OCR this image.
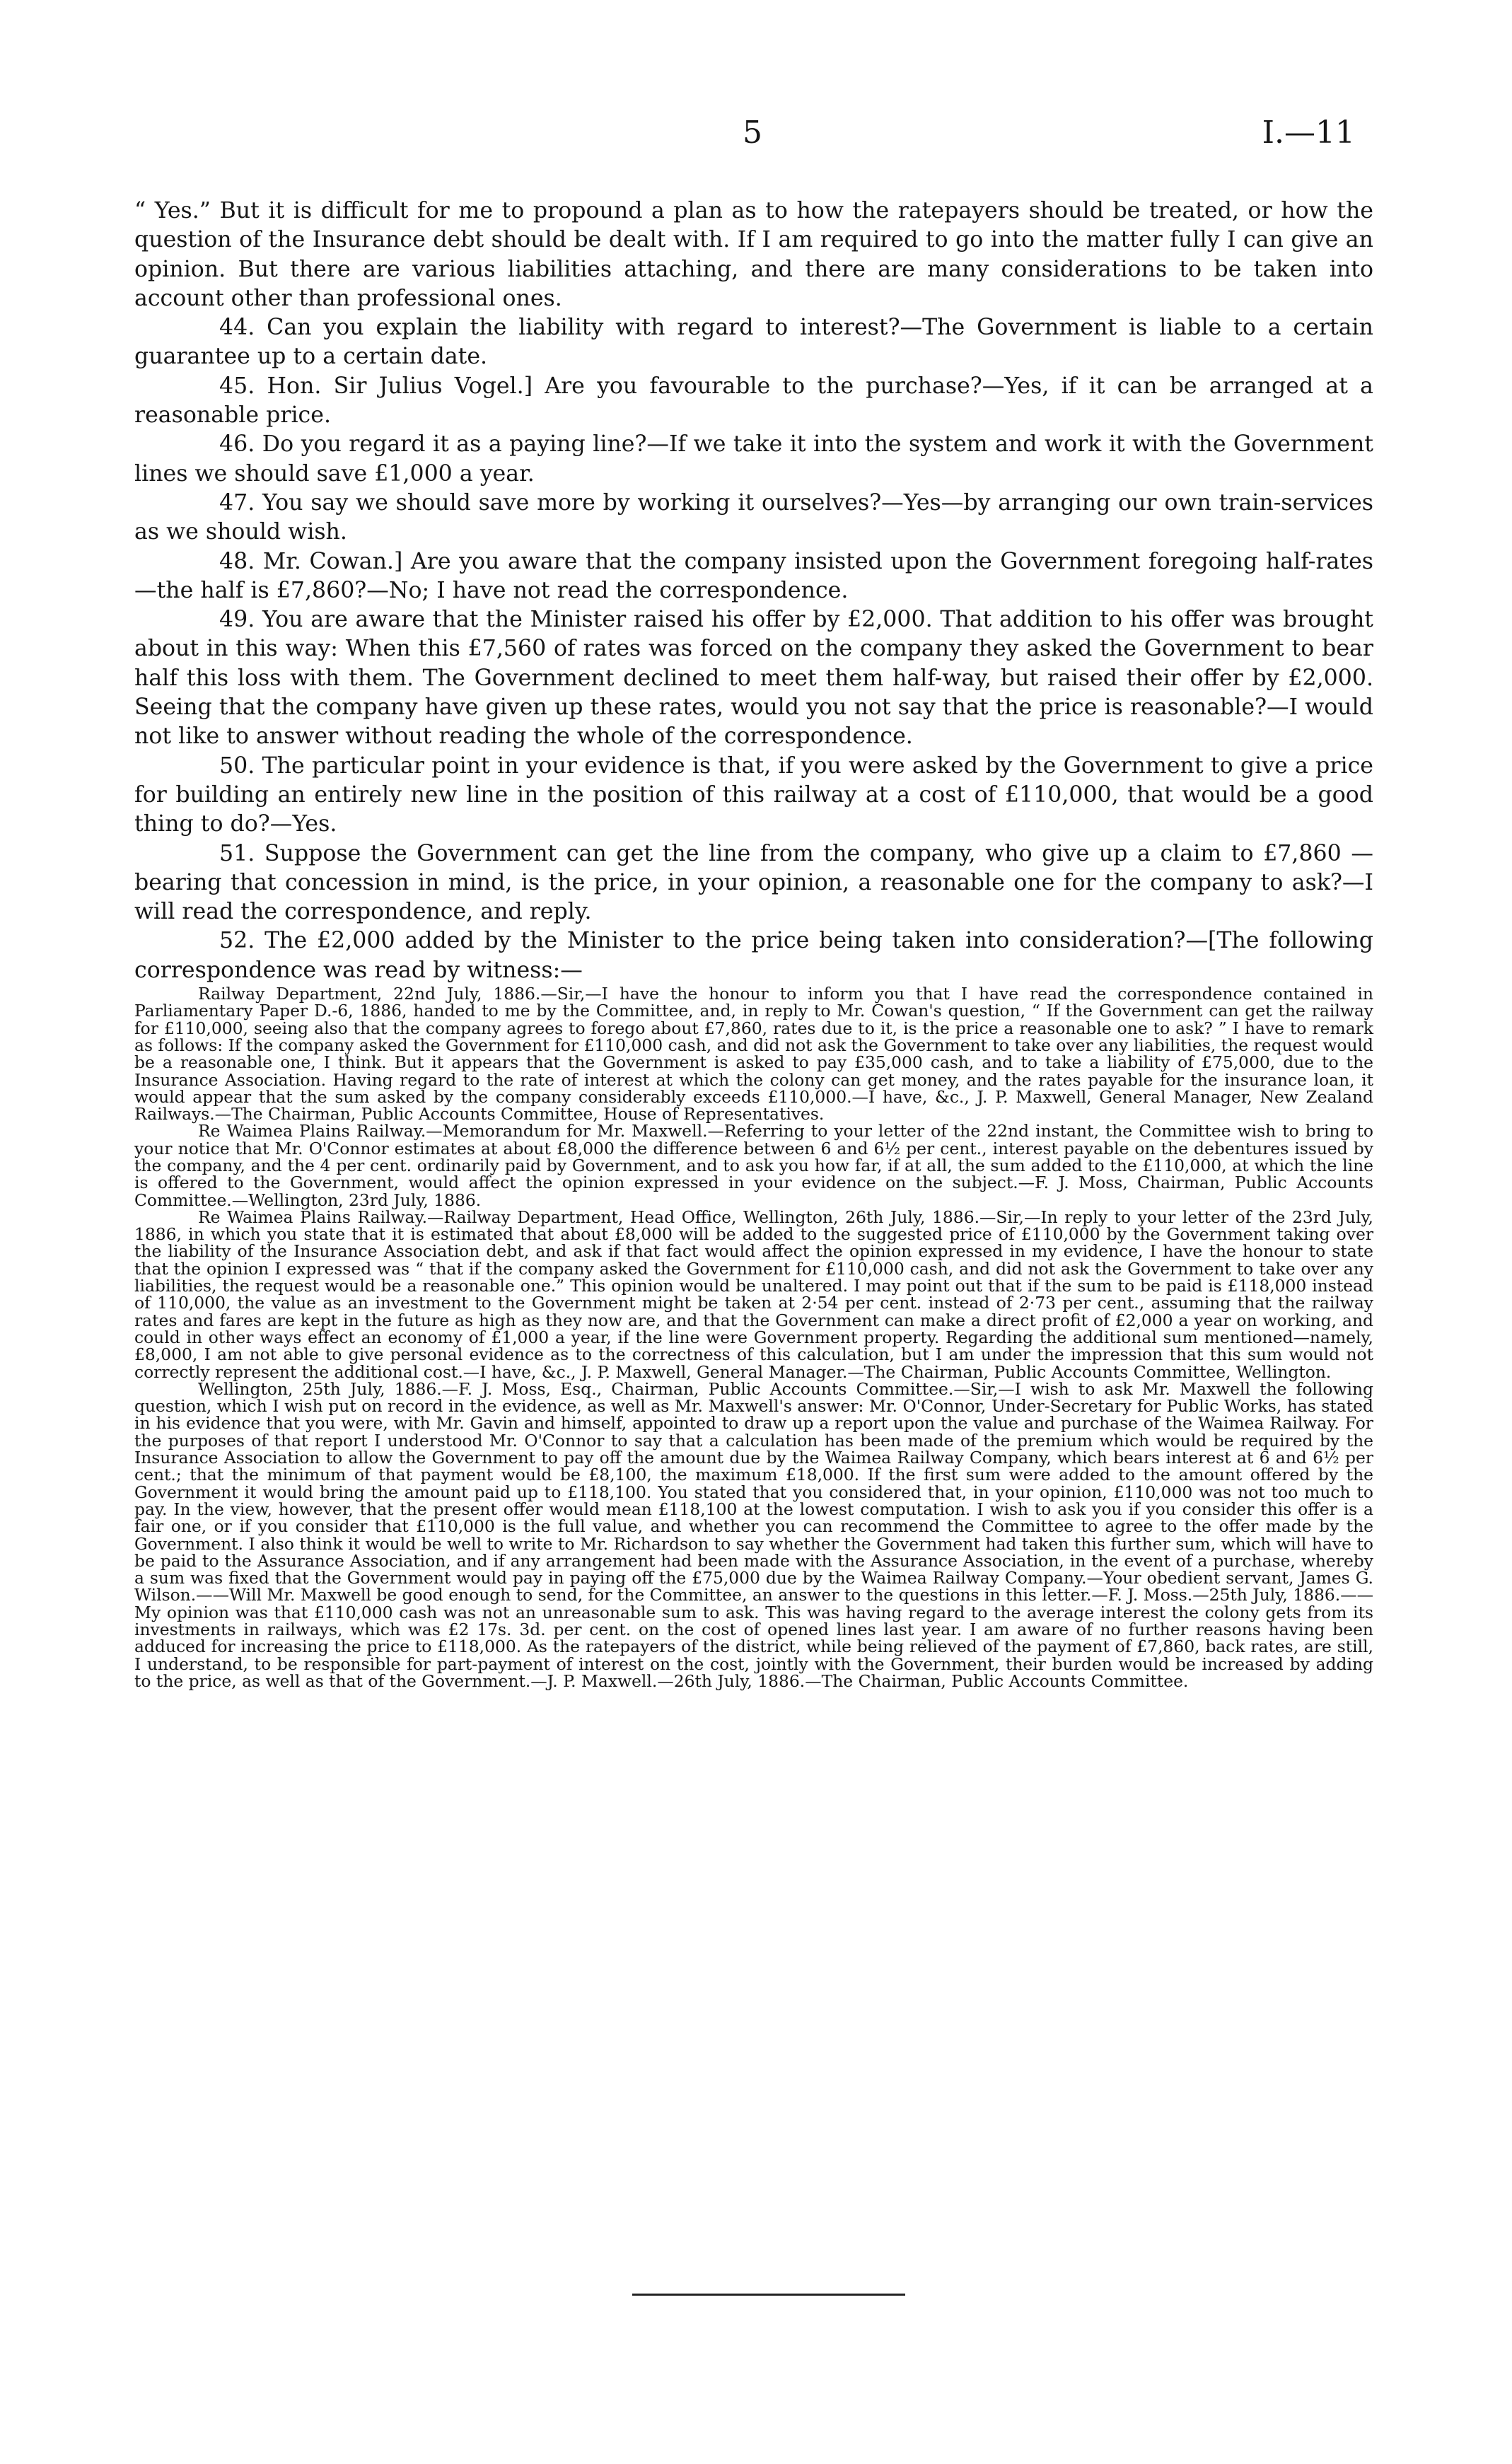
5	I.—11

“ Yes.” But it is difficult for me to propound a plan as to how the ratepayers should be treated, or how the question of the Insurance debt should be dealt with. If I am required to go into the matter fully I can give an opinion. But there are various liabilities attaching, and there are many considerations to be taken into account other than professional ones.

44. Can you explain the liability with regard to interest?—The Government is liable to a certain guarantee up to a certain date.

45. Hon. Sir Julius Vogel.] Are you favourable to the purchase?—Yes, if it can be arranged at a reasonable price.

46. Do you regard it as a paying line?—If we take it into the system and work it with the Government lines we should save £1,000 a year.

47. You say we should save more by working it ourselves?—Yes—by arranging our own train-services as we should wish.

48. Mr. Cowan.] Are you aware that the company insisted upon the Government foregoing half-rates—the half is £7,860?—No; I have not read the correspondence.

49. You are aware that the Minister raised his offer by £2,000. That addition to his offer was brought about in this way: When this £7,560 of rates was forced on the company they asked the Government to bear half this loss with them. The Government declined to meet them half-way, but raised their offer by £2,000. Seeing that the company have given up these rates, would you not say that the price is reasonable?—I would not like to answer without reading the whole of the correspondence.

50. The particular point in your evidence is that, if you were asked by the Government to give a price for building an entirely new line in the position of this railway at a cost of £110,000, that would be a good thing to do?—Yes.

51. Suppose the Government can get the line from the company, who give up a claim to £7,860 —bearing that concession in mind, is the price, in your opinion, a reasonable one for the company to ask?—I will read the correspondence, and reply.

52. The £2,000 added by the Minister to the price being taken into consideration?—[The following correspondence was read by witness:—

Railway Department, 22nd July, 1886.—Sir,—I have the honour to inform you that I have read the correspondence contained in Parliamentary Paper D.-6, 1886, handed to me by the Committee, and, in reply to Mr. Cowan's question, “ If the Government can get the railway for £110,000, seeing also that the company agrees to forego about £7,860, rates due to it, is the price a reasonable one to ask? ” I have to remark as follows: If the company asked the Government for £110,000 cash, and did not ask the Government to take over any liabilities, the request would be a reasonable one, I think. But it appears that the Government is asked to pay £35,000 cash, and to take a liability of £75,000, due to the Insurance Association. Having regard to the rate of interest at which the colony can get money, and the rates payable for the insurance loan, it would appear that the sum asked by the company considerably exceeds £110,000.—I have, &c., J. P. Maxwell, General Manager, New Zealand Railways.—The Chairman, Public Accounts Committee, House of Representatives.

Re Waimea Plains Railway.—Memorandum for Mr. Maxwell.—Referring to your letter of the 22nd instant, the Committee wish to bring to your notice that Mr. O'Connor estimates at about £8,000 the difference between 6 and 6½ per cent., interest payable on the debentures issued by the company, and the 4 per cent. ordinarily paid by Government, and to ask you how far, if at all, the sum added to the £110,000, at which the line is offered to the Government, would affect the opinion expressed in your evidence on the subject.—F. J. Moss, Chairman, Public Accounts Committee.—Wellington, 23rd July, 1886.

Re Waimea Plains Railway.—Railway Department, Head Office, Wellington, 26th July, 1886.—Sir,—In reply to your letter of the 23rd July, 1886, in which you state that it is estimated that about £8,000 will be added to the suggested price of £110,000 by the Government taking over the liability of the Insurance Association debt, and ask if that fact would affect the opinion expressed in my evidence, I have the honour to state that the opinion I expressed was “ that if the company asked the Government for £110,000 cash, and did not ask the Government to take over any liabilities, the request would be a reasonable one.” This opinion would be unaltered. I may point out that if the sum to be paid is £118,000 instead of 110,000, the value as an investment to the Government might be taken at 2·54 per cent. instead of 2·73 per cent., assuming that the railway rates and fares are kept in the future as high as they now are, and that the Government can make a direct profit of £2,000 a year on working, and could in other ways effect an economy of £1,000 a year, if the line were Government property. Regarding the additional sum mentioned—namely, £8,000, I am not able to give personal evidence as to the correctness of this calculation, but I am under the impression that this sum would not correctly represent the additional cost.—I have, &c., J. P. Maxwell, General Manager.—The Chairman, Public Accounts Committee, Wellington.

Wellington, 25th July, 1886.—F. J. Moss, Esq., Chairman, Public Accounts Committee.—Sir,—I wish to ask Mr. Maxwell the following question, which I wish put on record in the evidence, as well as Mr. Maxwell's answer: Mr. O'Connor, Under-Secretary for Public Works, has stated in his evidence that you were, with Mr. Gavin and himself, appointed to draw up a report upon the value and purchase of the Waimea Railway. For the purposes of that report I understood Mr. O'Connor to say that a calculation has been made of the premium which would be required by the Insurance Association to allow the Government to pay off the amount due by the Waimea Railway Company, which bears interest at 6 and 6½ per cent.; that the minimum of that payment would be £8,100, the maximum £18,000. If the first sum were added to the amount offered by the Government it would bring the amount paid up to £118,100. You stated that you considered that, in your opinion, £110,000 was not too much to pay. In the view, however, that the present offer would mean £118,100 at the lowest computation. I wish to ask you if you consider this offer is a fair one, or if you consider that £110,000 is the full value, and whether you can recommend the Committee to agree to the offer made by the Government. I also think it would be well to write to Mr. Richardson to say whether the Government had taken this further sum, which will have to be paid to the Assurance Association, and if any arrangement had been made with the Assurance Association, in the event of a purchase, whereby a sum was fixed that the Government would pay in paying off the £75,000 due by the Waimea Railway Company.—Your obedient servant, James G. Wilson.——Will Mr. Maxwell be good enough to send, for the Committee, an answer to the questions in this letter.—F. J. Moss.—25th July, 1886.——My opinion was that £110,000 cash was not an unreasonable sum to ask. This was having regard to the average interest the colony gets from its investments in railways, which was £2 17s. 3d. per cent. on the cost of opened lines last year. I am aware of no further reasons having been adduced for increasing the price to £118,000. As the ratepayers of the district, while being relieved of the payment of £7,860, back rates, are still, I understand, to be responsible for part-payment of interest on the cost, jointly with the Government, their burden would be increased by adding to the price, as well as that of the Government.—J. P. Maxwell.—26th July, 1886.—The Chairman, Public Accounts Committee.
